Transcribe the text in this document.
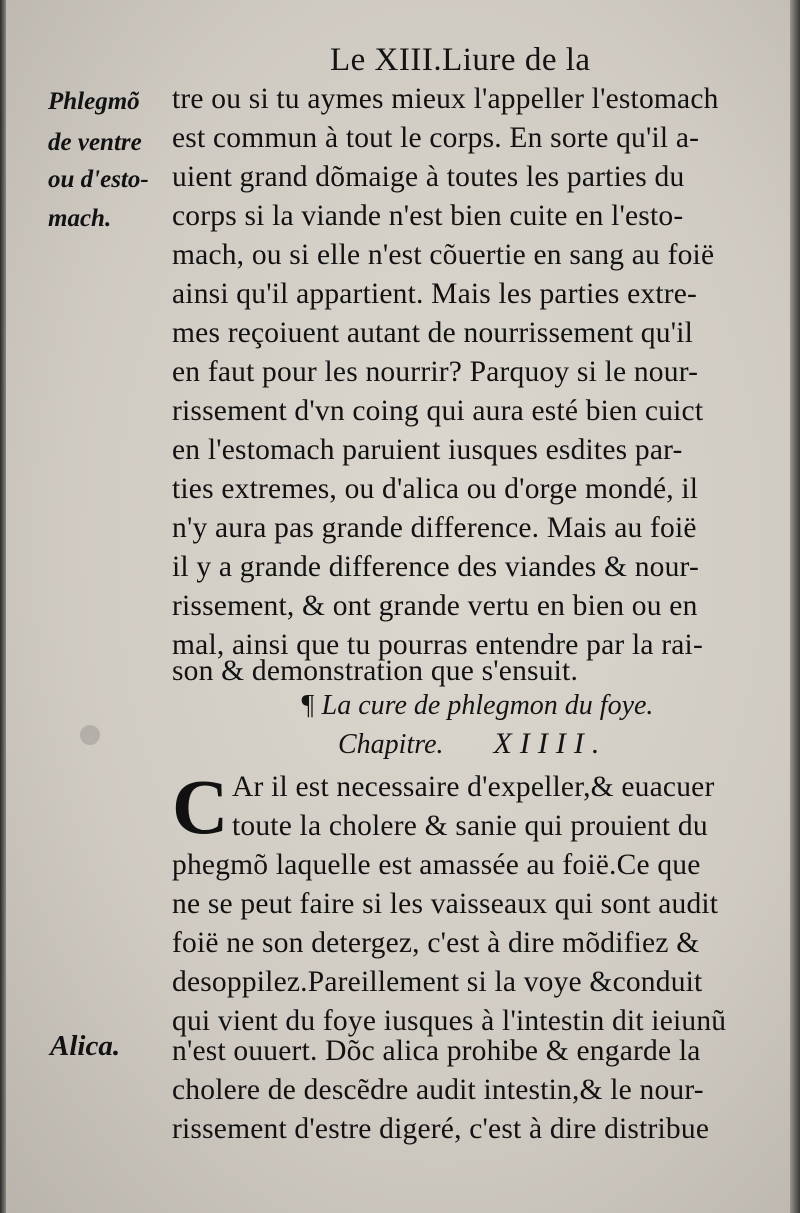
Le XIII.Liure de la
Phlegmõ
de ventre
ou d'esto-
mach.
Alica.
tre ou si tu aymes mieux l'appeller l'estomach
est commun à tout le corps. En sorte qu'il a-
uient grand dõmaige à toutes les parties du
corps si la viande n'est bien cuite en l'esto-
mach, ou si elle n'est cõuertie en sang au foië
ainsi qu'il appartient. Mais les parties extre-
mes reçoiuent autant de nourrissement qu'il
en faut pour les nourrir? Parquoy si le nour-
rissement d'vn coing qui aura esté bien cuict
en l'estomach paruient iusques esdites par-
ties extremes, ou d'alica ou d'orge mondé, il
n'y aura pas grande difference. Mais au foië
il y a grande difference des viandes & nour-
rissement, & ont grande vertu en bien ou en
mal, ainsi que tu pourras entendre par la rai-
son & demonstration que s'ensuit.
¶ La cure de phlegmon du foye.
Chapitre. XIIII.
C Ar il est necessaire d'expeller,& euacuer
toute la cholere & sanie qui prouient du
phegmõ laquelle est amassée au foië.Ce que
ne se peut faire si les vaisseaux qui sont audit
foië ne son detergez, c'est à dire mõdifiez &
desoppilez.Pareillement si la voye &conduit
qui vient du foye iusques à l'intestin dit ieiunũ
n'est ouuert. Dõc alica prohibe & engarde la
cholere de descẽdre audit intestin,& le nour-
rissement d'estre digeré, c'est à dire distribue
